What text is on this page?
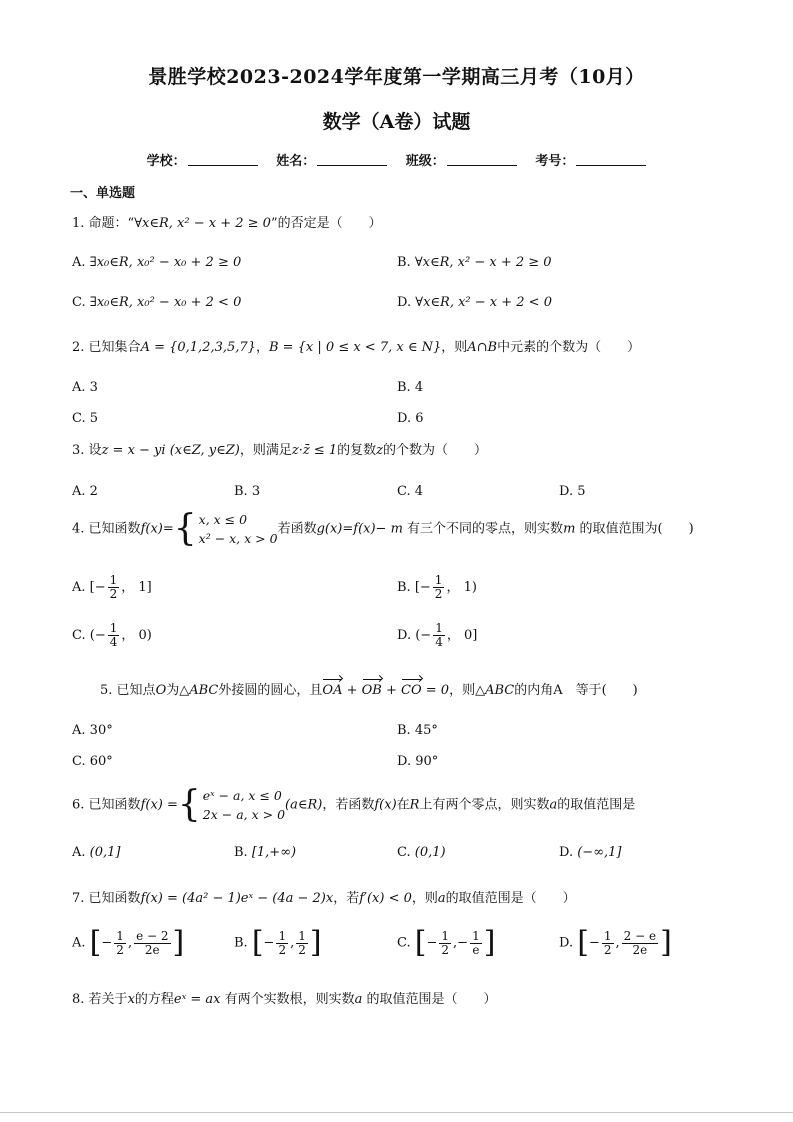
景胜学校2023-2024学年度第一学期高三月考（10月）
数学（A卷）试题
学校：	姓名：	班级：	考号：
一、单选题
1. 命题：“∀x∈R, x² − x + 2 ≥ 0”的否定是（　　）
A. ∃x₀∈R, x₀² − x₀ + 2 ≥ 0	B. ∀x∈R, x² − x + 2 ≥ 0
C. ∃x₀∈R, x₀² − x₀ + 2 < 0	D. ∀x∈R, x² − x + 2 < 0
2. 已知集合A = {0,1,2,3,5,7}，B = {x | 0 ≤ x < 7, x ∈ N}，则A∩B中元素的个数为（　　）
A. 3	B. 4
C. 5	D. 6
3. 设z = x − yi (x∈Z, y∈Z)，则满足z·z̄ ≤ 1的复数z的个数为（　　）
A. 2	B. 3	C. 4	D. 5
4. 已知函数f(x)= { x, x ≤ 0
x² − x, x > 0
若函数g(x)=f(x)− m 有三个不同的零点，则实数m 的取值范围为(　　)
A. [− $\frac{1}{2}$ ， 1]	B. [− $\frac{1}{2}$ ， 1)
C. (− $\frac{1}{4}$ ， 0)	D. (− $\frac{1}{4}$ ， 0]
5. 已知点O为△ABC外接圆的圆心，且OA + OB + CO = 0，则△ABC的内角A　等于(　　)
A. 30°	B. 45°
C. 60°	D. 90°
6. 已知函数f(x) = { eˣ − a, x ≤ 0
2x − a, x > 0
(a∈R)，若函数f(x)在R上有两个零点，则实数a的取值范围是
A. (0,1]	B. [1,+∞)	C. (0,1)	D. (−∞,1]
7. 已知函数f(x) = (4a² − 1)eˣ − (4a − 2)x，若f′(x) < 0，则a的取值范围是（　　）
A. [− $\frac{1}{2}$ , $\frac{e - 2}{2e}$ ]	B. [− $\frac{1}{2}$ , $\frac{1}{2}$ ]	C. [− $\frac{1}{2}$ ,− $\frac{1}{e}$ ]	D. [− $\frac{1}{2}$ , $\frac{2 - e}{2e}$ ]
8. 若关于x的方程eˣ = ax 有两个实数根，则实数a 的取值范围是（　　）
